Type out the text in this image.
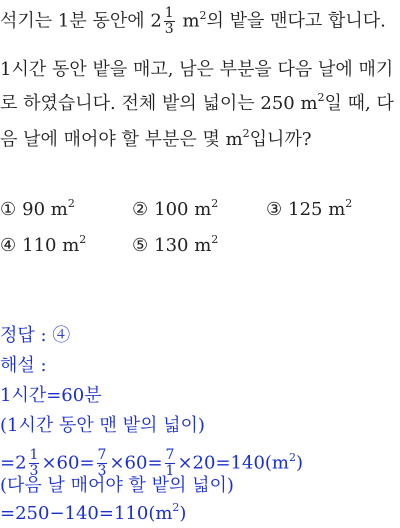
석기는 1분 동안에 $2 \frac{1}{3} m^2$의 밭을 맨다고 합니다.
1시간 동안 밭을 매고, 남은 부분을 다음 날에 매기
로 하였습니다. 전체 밭의 넓이는 250 $m^2$일 때, 다
음 날에 매어야 할 부분은 몇 $m^2$입니까?
① 90 $m^2$	② 100 $m^2$	③ 125 $m^2$
④ 110 $m^2$	⑤ 130 $m^2$
정답 : ④
해설 :
1시간=60분
(1시간 동안 맨 밭의 넓이)
$=2 \frac{1}{3} \times 60= \frac{7}{3} \times 60= \frac{7}{1} \times 20=140(m^2)$
(다음 날 매어야 할 밭의 넓이)
$=250-140=110(m^2)$
